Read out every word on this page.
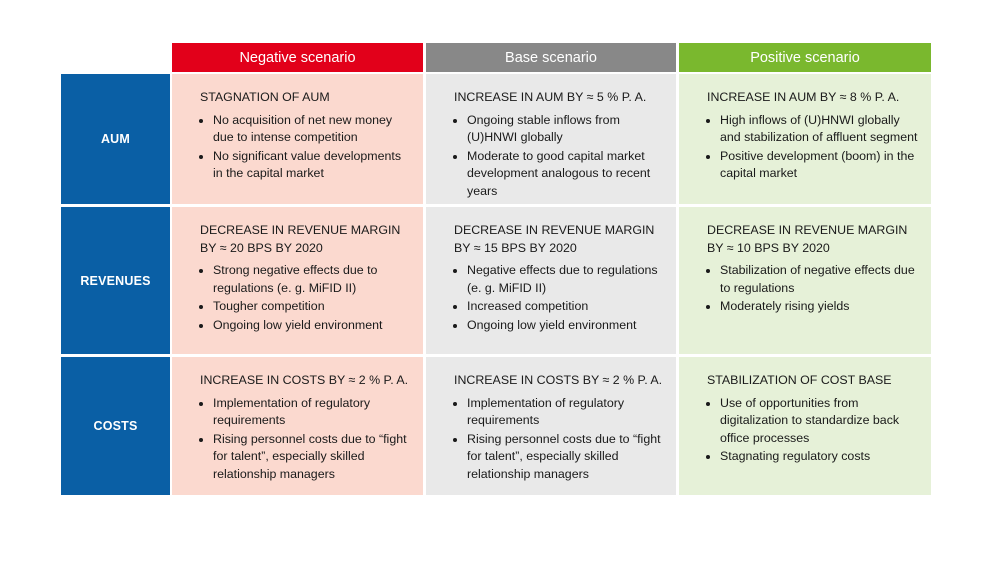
Negative scenario	Base scenario	Positive scenario
AUM
REVENUES
COSTS
STAGNATION OF AUM
• No acquisition of net new money due to intense competition
• No significant value developments in the capital market
INCREASE IN AUM BY ≈ 5 % P. A.
• Ongoing stable inflows from (U)HNWI globally
• Moderate to good capital market development analogous to recent years
INCREASE IN AUM BY ≈ 8 % P. A.
• High inflows of (U)HNWI globally and stabilization of affluent segment
• Positive development (boom) in the capital market
DECREASE IN REVENUE MARGIN BY ≈ 20 BPS BY 2020
• Strong negative effects due to regulations (e. g. MiFID II)
• Tougher competition
• Ongoing low yield environment
DECREASE IN REVENUE MARGIN BY ≈ 15 BPS BY 2020
• Negative effects due to regulations (e. g. MiFID II)
• Increased competition
• Ongoing low yield environment
DECREASE IN REVENUE MARGIN BY ≈ 10 BPS BY 2020
• Stabilization of negative effects due to regulations
• Moderately rising yields
INCREASE IN COSTS BY ≈ 2 % P. A.
• Implementation of regulatory requirements
• Rising personnel costs due to “fight for talent”, especially skilled relationship managers
INCREASE IN COSTS BY ≈ 2 % P. A.
• Implementation of regulatory requirements
• Rising personnel costs due to “fight for talent”, especially skilled relationship managers
STABILIZATION OF COST BASE
• Use of opportunities from digitalization to standardize back office processes
• Stagnating regulatory costs
